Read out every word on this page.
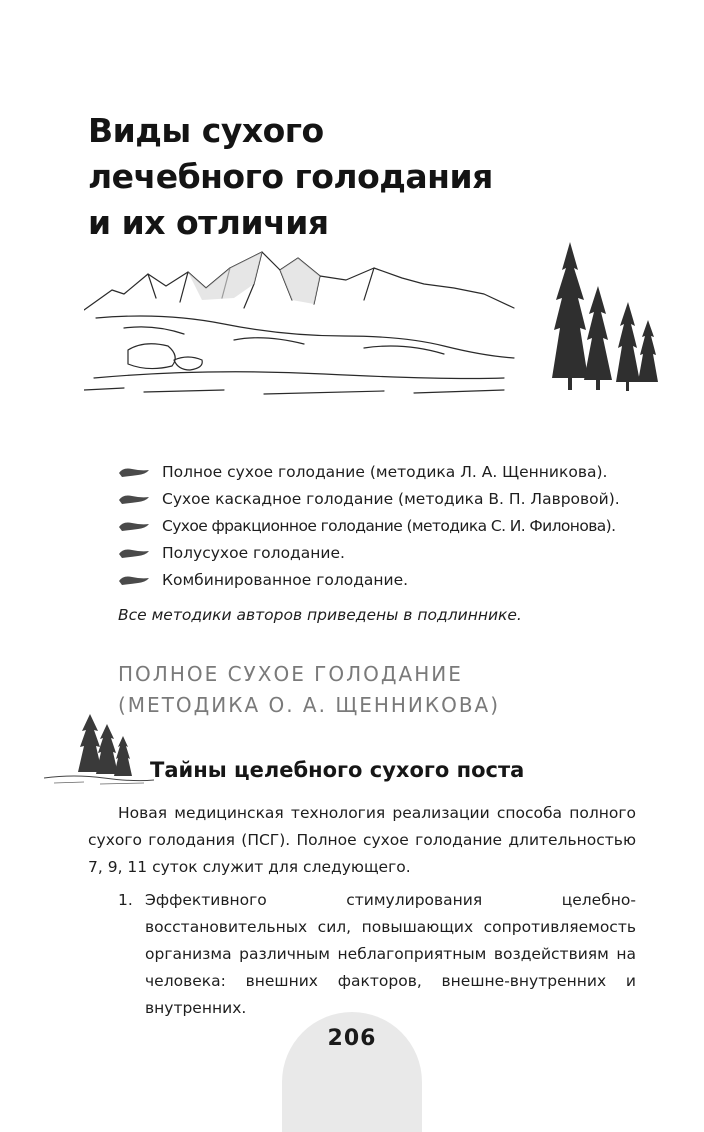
Виды сухого
лечебного голодания
и их отличия
Полное сухое голодание (методика Л. А. Щенникова).
Сухое каскадное голодание (методика В. П. Лавровой).
Сухое фракционное голодание (методика С. И. Филонова).
Полусухое голодание.
Комбинированное голодание.

Все методики авторов приведены в подлиннике.

ПОЛНОЕ СУХОЕ ГОЛОДАНИЕ
(МЕТОДИКА О. А. ЩЕННИКОВА)
Тайны целебного сухого поста

Новая медицинская технология реализации способа полного сухого голодания (ПСГ). Полное сухое голодание длительностью 7, 9, 11 суток служит для следующего.

1. Эффективного стимулирования целебно-восстановительных сил, повышающих сопротивляемость организма различным неблагоприятным воздействиям на человека: внешних факторов, внешне-внутренних и внутренних.
206
